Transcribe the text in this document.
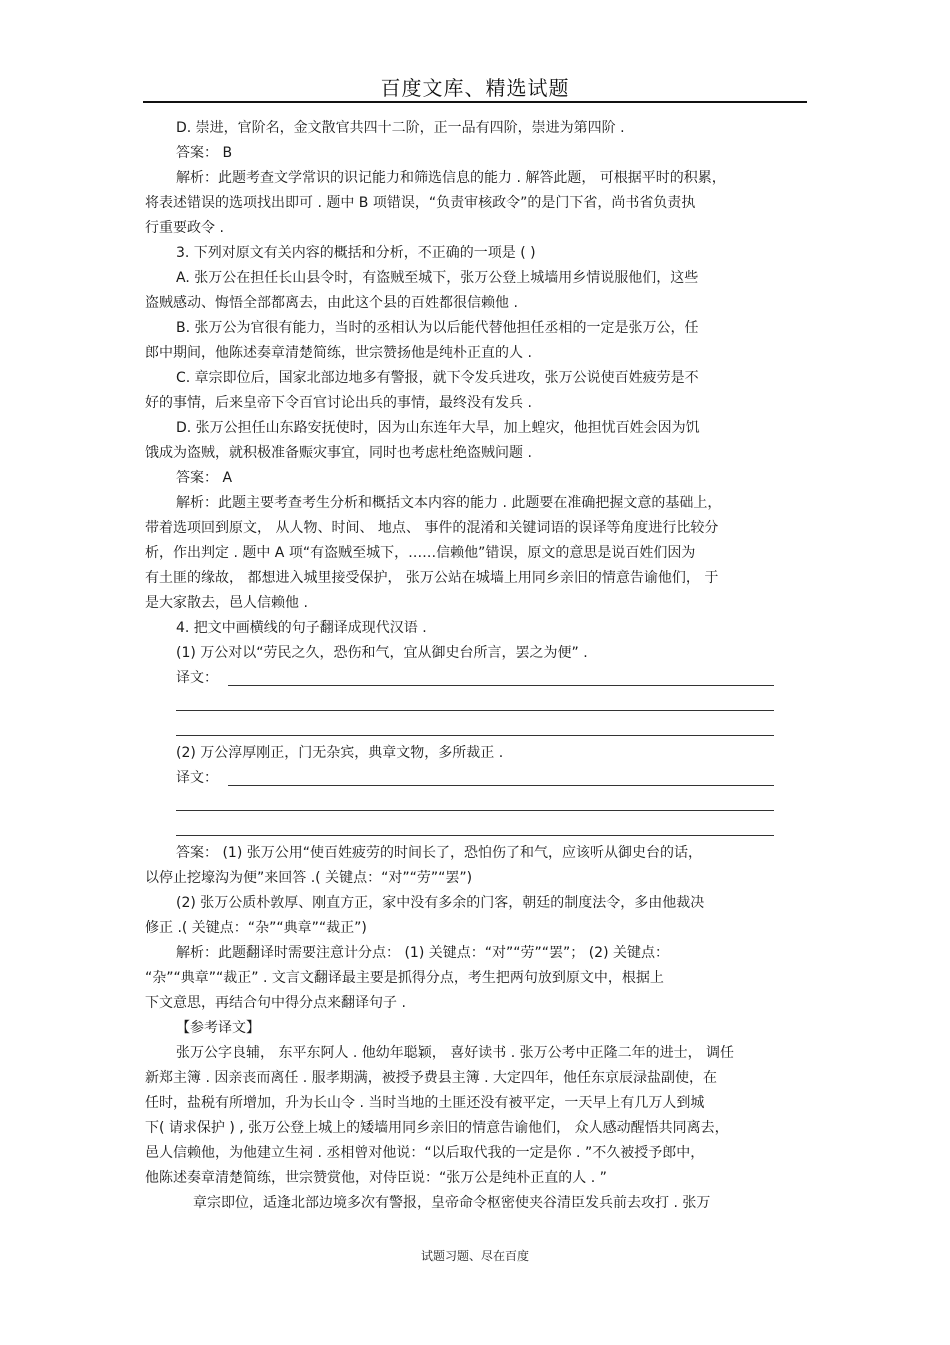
百度文库、精选试题
D. 崇进，官阶名，金文散官共四十二阶，正一品有四阶，崇进为第四阶 .
答案： B
解析：此题考查文学常识的识记能力和筛选信息的能力 . 解答此题， 可根据平时的积累，
将表述错误的选项找出即可 . 题中 B 项错误，“负责审核政令”的是门下省，尚书省负责执
行重要政令 .
3. 下列对原文有关内容的概括和分析，不正确的一项是 ( )
A. 张万公在担任长山县令时，有盗贼至城下，张万公登上城墙用乡情说服他们，这些
盗贼感动、悔悟全部都离去，由此这个县的百姓都很信赖他 .
B. 张万公为官很有能力，当时的丞相认为以后能代替他担任丞相的一定是张万公，任
郎中期间，他陈述奏章清楚简练，世宗赞扬他是纯朴正直的人 .
C. 章宗即位后，国家北部边地多有警报，就下令发兵进攻，张万公说使百姓疲劳是不
好的事情，后来皇帝下令百官讨论出兵的事情，最终没有发兵 .
D. 张万公担任山东路安抚使时，因为山东连年大旱，加上蝗灾，他担忧百姓会因为饥
饿成为盗贼，就积极准备赈灾事宜，同时也考虑杜绝盗贼问题 .
答案： A
解析：此题主要考查考生分析和概括文本内容的能力 . 此题要在准确把握文意的基础上，
带着选项回到原文， 从人物、时间、 地点、 事件的混淆和关键词语的误译等角度进行比较分
析，作出判定 . 题中 A 项“有盗贼至城下，……信赖他”错误，原文的意思是说百姓们因为
有土匪的缘故， 都想进入城里接受保护， 张万公站在城墙上用同乡亲旧的情意告谕他们， 于
是大家散去，邑人信赖他 .
4. 把文中画横线的句子翻译成现代汉语 .
(1) 万公对以“劳民之久，恐伤和气，宜从御史台所言，罢之为便” .
译文：
(2) 万公淳厚刚正，门无杂宾，典章文物，多所裁正 .
译文：
答案： (1) 张万公用“使百姓疲劳的时间长了，恐怕伤了和气，应该听从御史台的话，
以停止挖壕沟为便”来回答 .( 关键点：“对”“劳”“罢”)
(2) 张万公质朴敦厚、刚直方正，家中没有多余的门客，朝廷的制度法令，多由他裁决
修正 .( 关键点：“杂”“典章”“裁正”)
解析：此题翻译时需要注意计分点： (1) 关键点：“对”“劳”“罢”； (2) 关键点：
“杂”“典章”“裁正” . 文言文翻译最主要是抓得分点，考生把两句放到原文中，根据上
下文意思，再结合句中得分点来翻译句子 .
【参考译文】
张万公字良辅， 东平东阿人 . 他幼年聪颖， 喜好读书 . 张万公考中正隆二年的进士， 调任
新郑主簿 . 因亲丧而离任 . 服孝期满，被授予费县主簿 . 大定四年，他任东京辰渌盐副使，在
任时，盐税有所增加，升为长山令 . 当时当地的土匪还没有被平定，一天早上有几万人到城
下( 请求保护 ) , 张万公登上城上的矮墙用同乡亲旧的情意告谕他们， 众人感动醒悟共同离去，
邑人信赖他，为他建立生祠 . 丞相曾对他说：“以后取代我的一定是你 . ”不久被授予郎中，
他陈述奏章清楚简练，世宗赞赏他，对侍臣说：“张万公是纯朴正直的人 . ”
章宗即位，适逢北部边境多次有警报，皇帝命令枢密使夹谷清臣发兵前去攻打 . 张万
试题习题、尽在百度
